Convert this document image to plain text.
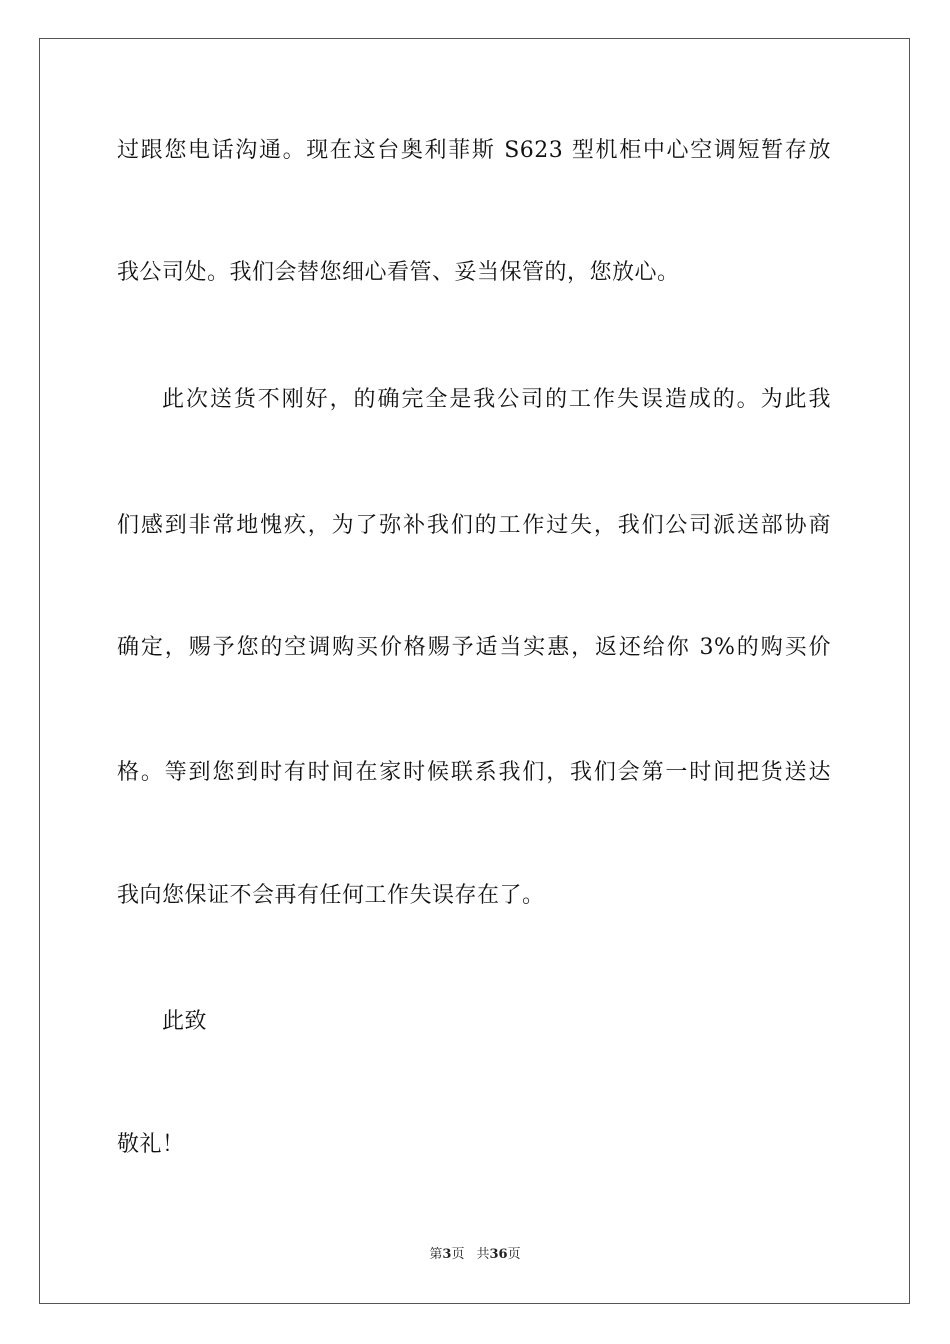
过跟您电话沟通。现在这台奥利菲斯 S623 型机柜中心空调短暂存放
我公司处。我们会替您细心看管、妥当保管的，您放心。
此次送货不刚好，的确完全是我公司的工作失误造成的。为此我
们感到非常地愧疚，为了弥补我们的工作过失，我们公司派送部协商
确定，赐予您的空调购买价格赐予适当实惠，返还给你 3%的购买价
格。等到您到时有时间在家时候联系我们，我们会第一时间把货送达
我向您保证不会再有任何工作失误存在了。
此致
敬礼！
第3页 共36页
